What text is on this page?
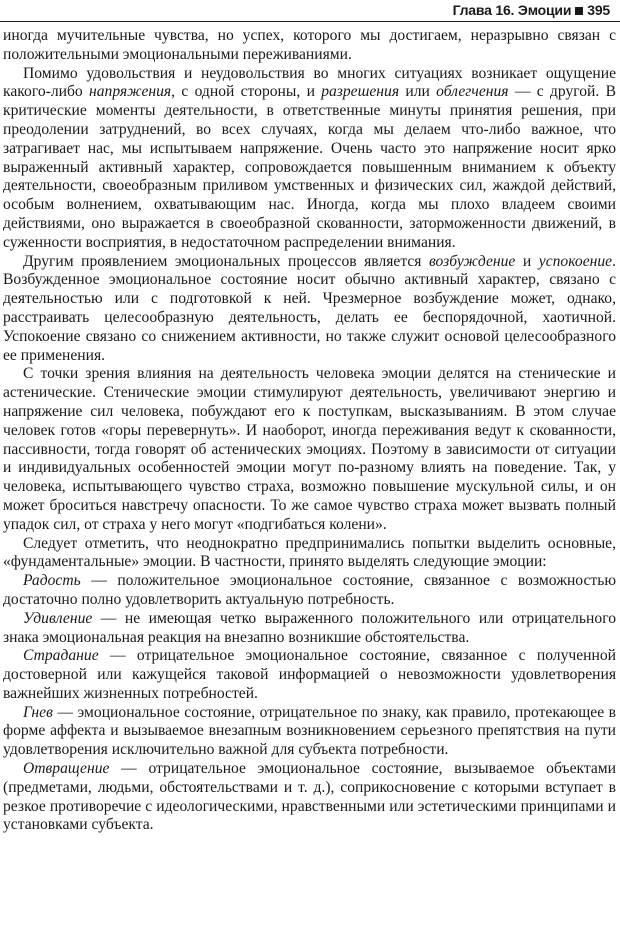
Глава 16. Эмоции 395

иногда мучительные чувства, но успех, которого мы достигаем, неразрывно связан с положительными эмоциональными переживаниями.

Помимо удовольствия и неудовольствия во многих ситуациях возникает ощущение какого-либо напряжения, с одной стороны, и разрешения или облегчения — с другой. В критические моменты деятельности, в ответственные минуты принятия решения, при преодолении затруднений, во всех случаях, когда мы делаем что-либо важное, что затрагивает нас, мы испытываем напряжение. Очень часто это напряжение носит ярко выраженный активный характер, сопровождается повышенным вниманием к объекту деятельности, своеобразным приливом умственных и физических сил, жаждой действий, особым волнением, охватывающим нас. Иногда, когда мы плохо владеем своими действиями, оно выражается в своеобразной скованности, заторможенности движений, в суженности восприятия, в недостаточном распределении внимания.

Другим проявлением эмоциональных процессов является возбуждение и успокоение. Возбужденное эмоциональное состояние носит обычно активный характер, связано с деятельностью или с подготовкой к ней. Чрезмерное возбуждение может, однако, расстраивать целесообразную деятельность, делать ее беспорядочной, хаотичной. Успокоение связано со снижением активности, но также служит основой целесообразного ее применения.

С точки зрения влияния на деятельность человека эмоции делятся на стенические и астенические. Стенические эмоции стимулируют деятельность, увеличивают энергию и напряжение сил человека, побуждают его к поступкам, высказываниям. В этом случае человек готов «горы перевернуть». И наоборот, иногда переживания ведут к скованности, пассивности, тогда говорят об астенических эмоциях. Поэтому в зависимости от ситуации и индивидуальных особенностей эмоции могут по-разному влиять на поведение. Так, у человека, испытывающего чувство страха, возможно повышение мускульной силы, и он может броситься навстречу опасности. То же самое чувство страха может вызвать полный упадок сил, от страха у него могут «подгибаться колени».

Следует отметить, что неоднократно предпринимались попытки выделить основные, «фундаментальные» эмоции. В частности, принято выделять следующие эмоции:

Радость — положительное эмоциональное состояние, связанное с возможностью достаточно полно удовлетворить актуальную потребность.

Удивление — не имеющая четко выраженного положительного или отрицательного знака эмоциональная реакция на внезапно возникшие обстоятельства.

Страдание — отрицательное эмоциональное состояние, связанное с полученной достоверной или кажущейся таковой информацией о невозможности удовлетворения важнейших жизненных потребностей.

Гнев — эмоциональное состояние, отрицательное по знаку, как правило, протекающее в форме аффекта и вызываемое внезапным возникновением серьезного препятствия на пути удовлетворения исключительно важной для субъекта потребности.

Отвращение — отрицательное эмоциональное состояние, вызываемое объектами (предметами, людьми, обстоятельствами и т. д.), соприкосновение с которыми вступает в резкое противоречие с идеологическими, нравственными или эстетическими принципами и установками субъекта.
